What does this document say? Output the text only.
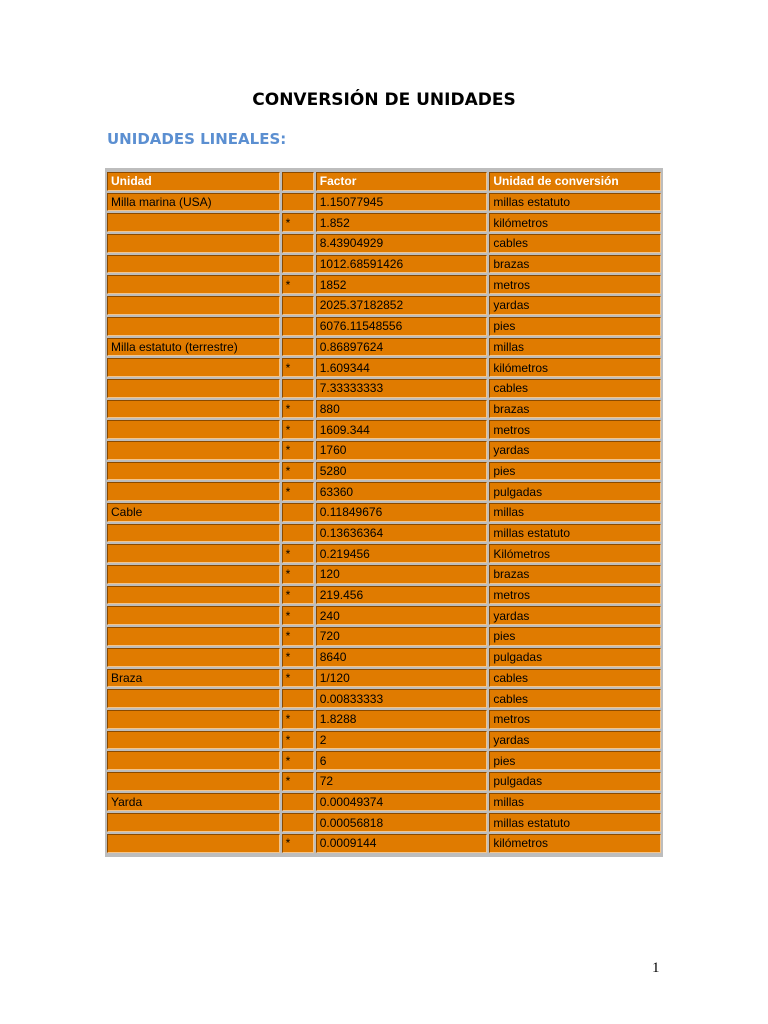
CONVERSIÓN DE UNIDADES
UNIDADES LINEALES:
Unidad		Factor	Unidad de conversión
Milla marina (USA)		1.15077945	millas estatuto
	*	1.852	kilómetros
		8.43904929	cables
		1012.68591426	brazas
	*	1852	metros
		2025.37182852	yardas
		6076.11548556	pies
Milla estatuto (terrestre)		0.86897624	millas
	*	1.609344	kilómetros
		7.33333333	cables
	*	880	brazas
	*	1609.344	metros
	*	1760	yardas
	*	5280	pies
	*	63360	pulgadas
Cable		0.11849676	millas
		0.13636364	millas estatuto
	*	0.219456	Kilómetros
	*	120	brazas
	*	219.456	metros
	*	240	yardas
	*	720	pies
	*	8640	pulgadas
Braza	*	1/120	cables
		0.00833333	cables
	*	1.8288	metros
	*	2	yardas
	*	6	pies
	*	72	pulgadas
Yarda		0.00049374	millas
		0.00056818	millas estatuto
	*	0.0009144	kilómetros
1
